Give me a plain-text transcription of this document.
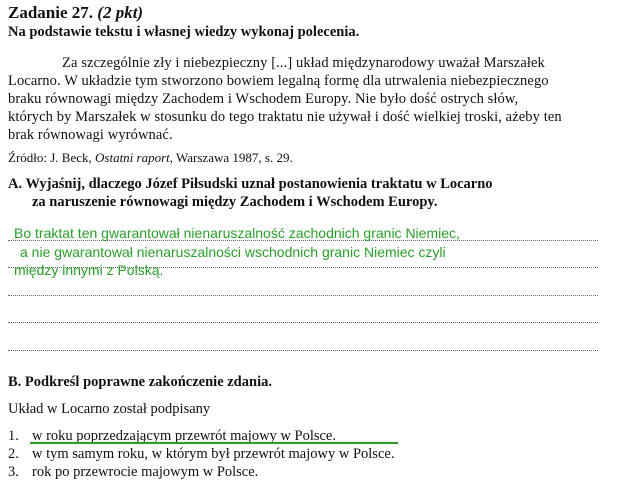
Zadanie 27. (2 pkt)
Na podstawie tekstu i własnej wiedzy wykonaj polecenia.
Za szczególnie zły i niebezpieczny [...] układ międzynarodowy uważał Marszałek
Locarno. W układzie tym stworzono bowiem legalną formę dla utrwalenia niebezpiecznego
braku równowagi między Zachodem i Wschodem Europy. Nie było dość ostrych słów,
których by Marszałek w stosunku do tego traktatu nie używał i dość wielkiej troski, ażeby ten
brak równowagi wyrównać.
Źródło: J. Beck, Ostatni raport, Warszawa 1987, s. 29.
A. Wyjaśnij, dlaczego Józef Piłsudski uznał postanowienia traktatu w Locarno
za naruszenie równowagi między Zachodem i Wschodem Europy.
Bo traktat ten gwarantował nienaruszalność zachodnich granic Niemiec,
a nie gwarantował nienaruszalności wschodnich granic Niemiec czyli
między innymi z Polską.
B. Podkreśl poprawne zakończenie zdania.
Układ w Locarno został podpisany
1. w roku poprzedzającym przewrót majowy w Polsce.
2. w tym samym roku, w którym był przewrót majowy w Polsce.
3. rok po przewrocie majowym w Polsce.
